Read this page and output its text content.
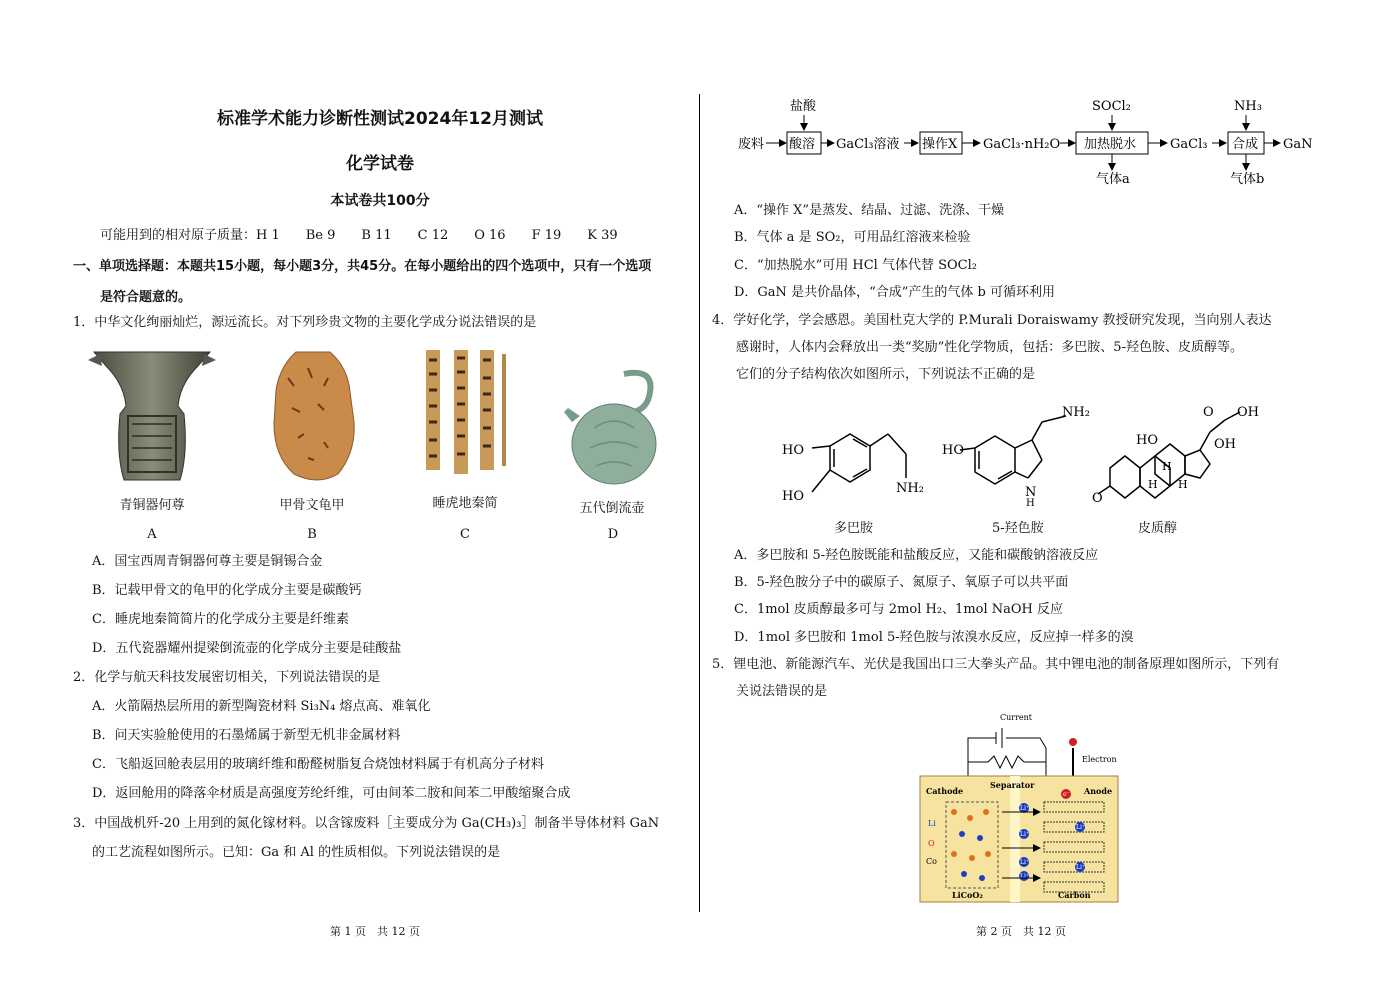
标准学术能力诊断性测试2024年12月测试
化学试卷
本试卷共100分
可能用到的相对原子质量：H 1　　Be 9　　B 11　　C 12　　O 16　　F 19　　K 39
一、单项选择题：本题共15小题，每小题3分，共45分。在每小题给出的四个选项中，只有一个选项
是符合题意的。
1．中华文化绚丽灿烂，源远流长。对下列珍贵文物的主要化学成分说法错误的是
青铜器何尊
A
甲骨文龟甲
B
睡虎地秦简
C
五代倒流壶
D
A．国宝西周青铜器何尊主要是铜锡合金
B．记载甲骨文的龟甲的化学成分主要是碳酸钙
C．睡虎地秦简简片的化学成分主要是纤维素
D．五代瓷器耀州提梁倒流壶的化学成分主要是硅酸盐
2．化学与航天科技发展密切相关，下列说法错误的是
A．火箭隔热层所用的新型陶瓷材料 Si₃N₄ 熔点高、难氧化
B．问天实验舱使用的石墨烯属于新型无机非金属材料
C．飞船返回舱表层用的玻璃纤维和酚醛树脂复合烧蚀材料属于有机高分子材料
D．返回舱用的降落伞材质是高强度芳纶纤维，可由间苯二胺和间苯二甲酸缩聚合成
3．中国战机歼-20 上用到的氮化镓材料。以含镓废料［主要成分为 Ga(CH₃)₃］制备半导体材料 GaN
的工艺流程如图所示。已知：Ga 和 Al 的性质相似。下列说法错误的是
第 1 页　共 12 页
废料
盐酸
酸溶 GaCl₃溶液 操作X GaCl₃·nH₂O
SOCl₂
加热脱水
气体a
GaCl₃
NH₃
合成
气体b
GaN
A．“操作 X”是蒸发、结晶、过滤、洗涤、干燥
B．气体 a 是 SO₂，可用品红溶液来检验
C．“加热脱水”可用 HCl 气体代替 SOCl₂
D．GaN 是共价晶体，“合成”产生的气体 b 可循环利用
4．学好化学，学会感恩。美国杜克大学的 P.Murali Doraiswamy 教授研究发现，当向别人表达
感谢时，人体内会释放出一类“奖励”性化学物质，包括：多巴胺、5-羟色胺、皮质醇等。
它们的分子结构依次如图所示，下列说法不正确的是
HO
HO
NH₂
HO
NH₂
N
H	O
O OH
HO	OH
H
H H
多巴胺	5-羟色胺	皮质醇
A．多巴胺和 5-羟色胺既能和盐酸反应，又能和碳酸钠溶液反应
B．5-羟色胺分子中的碳原子、氮原子、氧原子可以共平面
C．1mol 皮质醇最多可与 2mol H₂、1mol NaOH 反应
D．1mol 多巴胺和 1mol 5-羟色胺与浓溴水反应，反应掉一样多的溴
5．锂电池、新能源汽车、光伏是我国出口三大拳头产品。其中锂电池的制备原理如图所示，下列有
关说法错误的是
Current
Electron
Separator
Cathode	Anode
Li
O
Co
Li⁺
Li⁺
Li⁺
Li⁺
Li⁺
Li⁺
e⁻
LiCoO₂	Carbon
第 2 页　共 12 页
